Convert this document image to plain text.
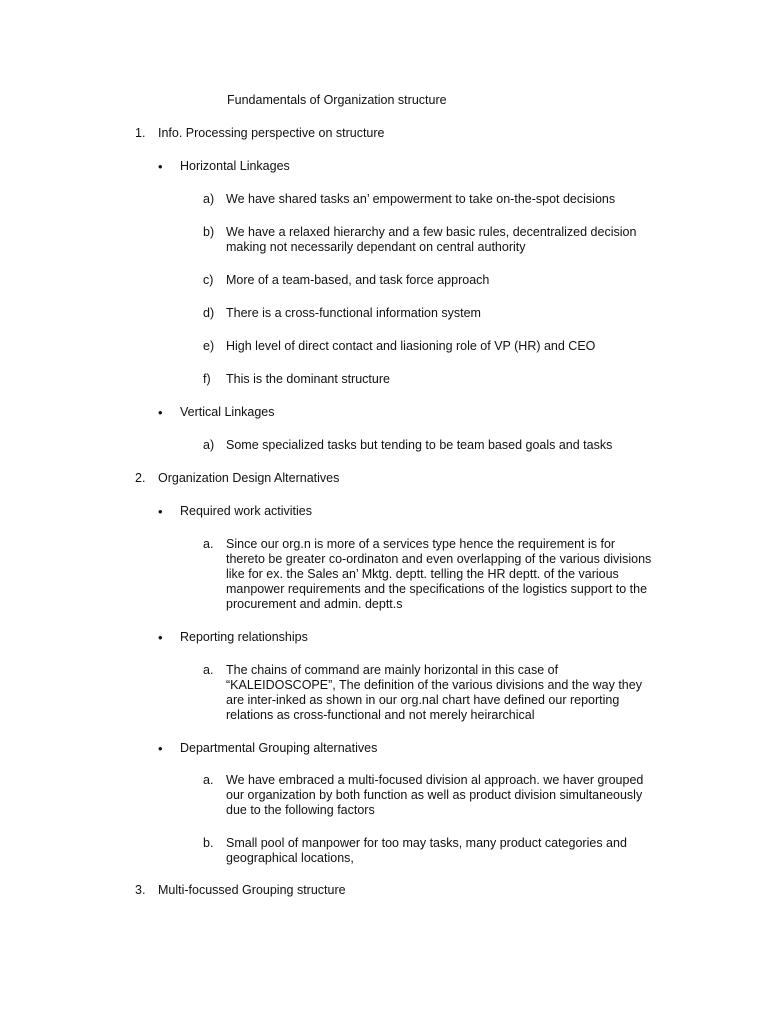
Fundamentals of Organization structure
1. Info. Processing perspective on structure
• Horizontal Linkages
a) We have shared tasks an’ empowerment to take on-the-spot decisions
b) We have a relaxed hierarchy and a few basic rules, decentralized decision
making not necessarily dependant on central authority
c) More of a team-based, and task force approach
d) There is a cross-functional information system
e) High level of direct contact and liasioning role of VP (HR) and CEO
f) This is the dominant structure
• Vertical Linkages
a) Some specialized tasks but tending to be team based goals and tasks
2. Organization Design Alternatives
• Required work activities
a. Since our org.n is more of a services type hence the requirement is for
thereto be greater co-ordinaton and even overlapping of the various divisions
like for ex. the Sales an’ Mktg. deptt. telling the HR deptt. of the various
manpower requirements and the specifications of the logistics support to the
procurement and admin. deptt.s
• Reporting relationships
a. The chains of command are mainly horizontal in this case of
“KALEIDOSCOPE”, The definition of the various divisions and the way they
are inter-inked as shown in our org.nal chart have defined our reporting
relations as cross-functional and not merely heirarchical
• Departmental Grouping alternatives
a. We have embraced a multi-focused division al approach. we haver grouped
our organization by both function as well as product division simultaneously
due to the following factors
b. Small pool of manpower for too may tasks, many product categories and
geographical locations,
3. Multi-focussed Grouping structure
